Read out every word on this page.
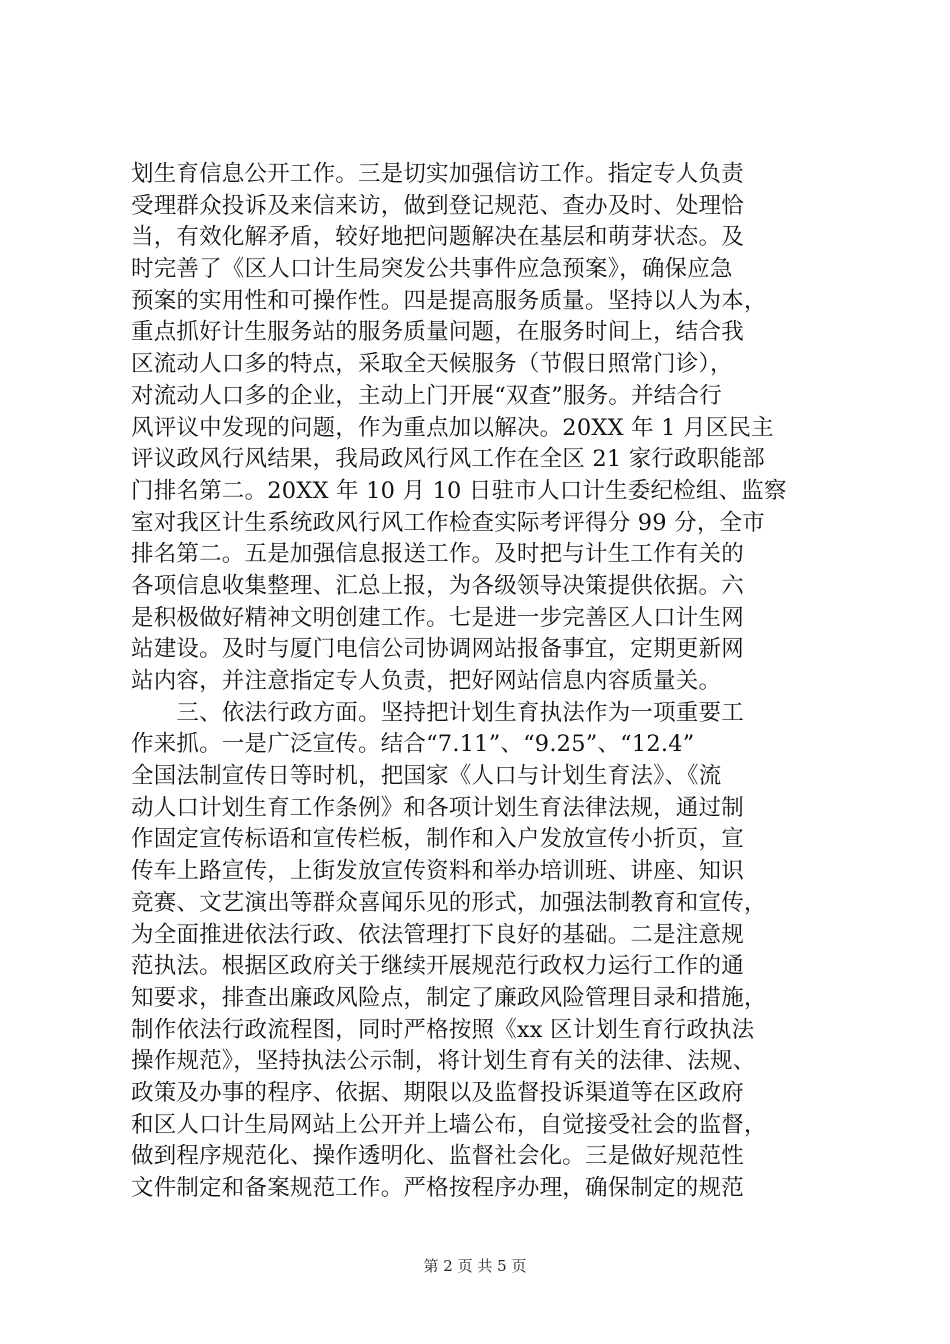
划生育信息公开工作。三是切实加强信访工作。指定专人负责
受理群众投诉及来信来访，做到登记规范、查办及时、处理恰
当，有效化解矛盾，较好地把问题解决在基层和萌芽状态。及
时完善了《区人口计生局突发公共事件应急预案》，确保应急
预案的实用性和可操作性。四是提高服务质量。坚持以人为本，
重点抓好计生服务站的服务质量问题，在服务时间上，结合我
区流动人口多的特点，采取全天候服务（节假日照常门诊），
对流动人口多的企业，主动上门开展“双查”服务。并结合行
风评议中发现的问题，作为重点加以解决。20XX 年 1 月区民主
评议政风行风结果，我局政风行风工作在全区 21 家行政职能部
门排名第二。20XX 年 10 月 10 日驻市人口计生委纪检组、监察
室对我区计生系统政风行风工作检查实际考评得分 99 分，全市
排名第二。五是加强信息报送工作。及时把与计生工作有关的
各项信息收集整理、汇总上报，为各级领导决策提供依据。六
是积极做好精神文明创建工作。七是进一步完善区人口计生网
站建设。及时与厦门电信公司协调网站报备事宜，定期更新网
站内容，并注意指定专人负责，把好网站信息内容质量关。
　　三、依法行政方面。坚持把计划生育执法作为一项重要工
作来抓。一是广泛宣传。结合“7.11”、“9.25”、“12.4”
全国法制宣传日等时机，把国家《人口与计划生育法》、《流
动人口计划生育工作条例》和各项计划生育法律法规，通过制
作固定宣传标语和宣传栏板，制作和入户发放宣传小折页，宣
传车上路宣传，上街发放宣传资料和举办培训班、讲座、知识
竞赛、文艺演出等群众喜闻乐见的形式，加强法制教育和宣传，
为全面推进依法行政、依法管理打下良好的基础。二是注意规
范执法。根据区政府关于继续开展规范行政权力运行工作的通
知要求，排查出廉政风险点，制定了廉政风险管理目录和措施，
制作依法行政流程图，同时严格按照《xx 区计划生育行政执法
操作规范》，坚持执法公示制，将计划生育有关的法律、法规、
政策及办事的程序、依据、期限以及监督投诉渠道等在区政府
和区人口计生局网站上公开并上墙公布，自觉接受社会的监督，
做到程序规范化、操作透明化、监督社会化。三是做好规范性
文件制定和备案规范工作。严格按程序办理，确保制定的规范
第 2 页 共 5 页
